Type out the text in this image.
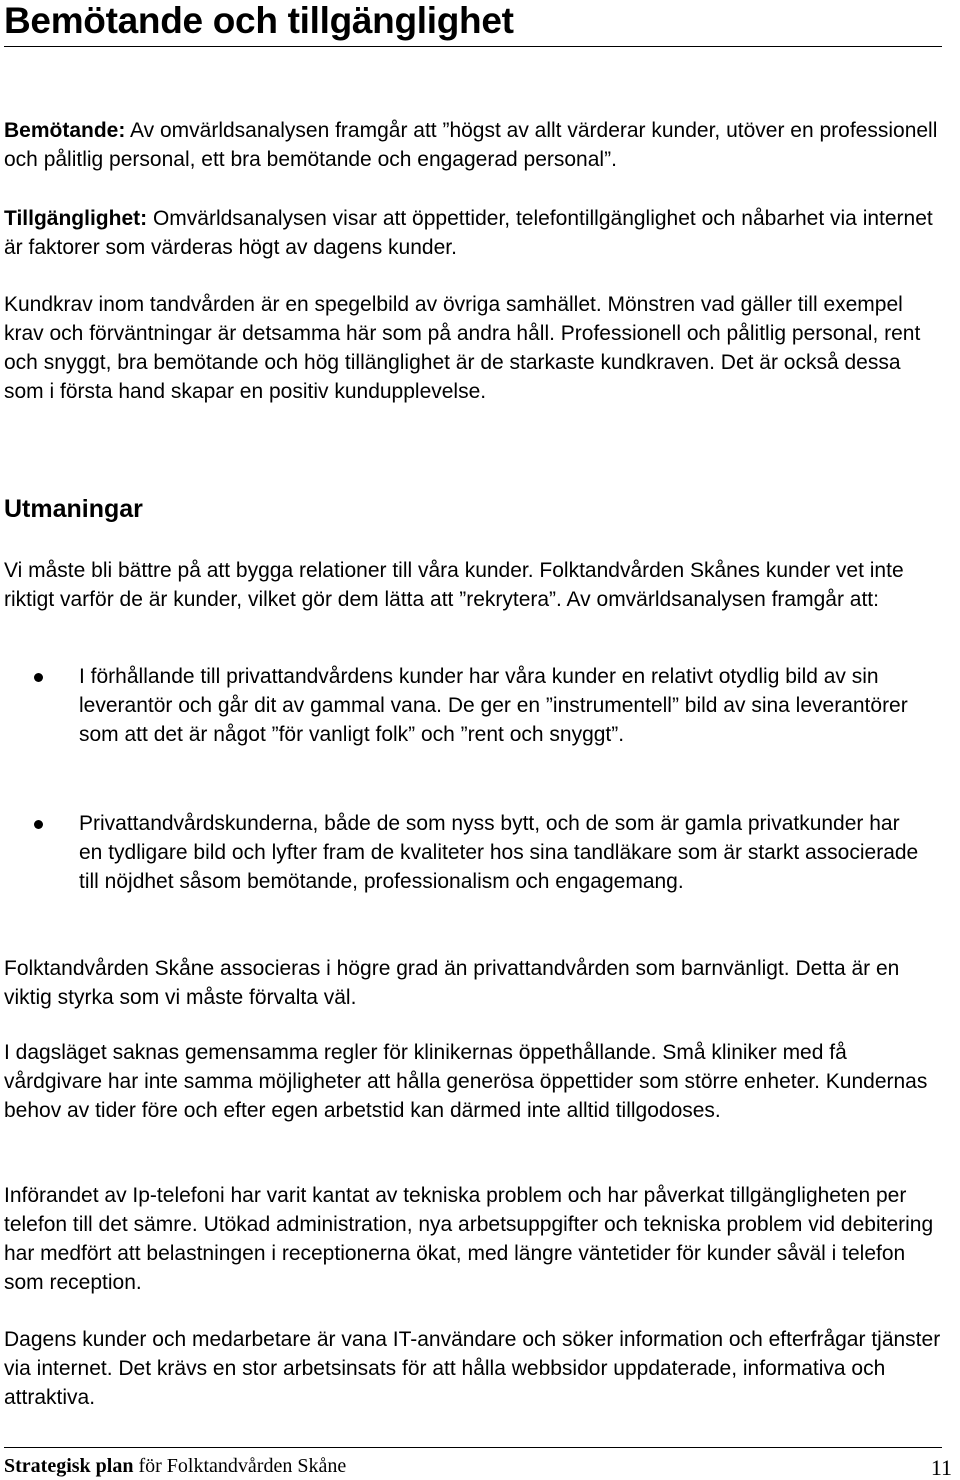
Bemötande och tillgänglighet

Bemötande: Av omvärldsanalysen framgår att ”högst av allt värderar kunder, utöver en professionell och pålitlig personal, ett bra bemötande och engagerad personal”.

Tillgänglighet: Omvärldsanalysen visar att öppettider, telefontillgänglighet och nåbarhet via internet är faktorer som värderas högt av dagens kunder.

Kundkrav inom tandvården är en spegelbild av övriga samhället. Mönstren vad gäller till exempel krav och förväntningar är detsamma här som på andra håll. Professionell och pålitlig personal, rent och snyggt, bra bemötande och hög tillänglighet är de starkaste kundkraven. Det är också dessa som i första hand skapar en positiv kundupplevelse.

Utmaningar

Vi måste bli bättre på att bygga relationer till våra kunder. Folktandvården Skånes kunder vet inte riktigt varför de är kunder, vilket gör dem lätta att ”rekrytera”. Av omvärldsanalysen framgår att:

I förhållande till privattandvårdens kunder har våra kunder en relativt otydlig bild av sin leverantör och går dit av gammal vana. De ger en ”instrumentell” bild av sina leverantörer som att det är något ”för vanligt folk” och ”rent och snyggt”.

Privattandvårdskunderna, både de som nyss bytt, och de som är gamla privatkunder har en tydligare bild och lyfter fram de kvaliteter hos sina tandläkare som är starkt associerade till nöjdhet såsom bemötande, professionalism och engagemang.

Folktandvården Skåne associeras i högre grad än privattandvården som barnvänligt. Detta är en viktig styrka som vi måste förvalta väl.

I dagsläget saknas gemensamma regler för klinikernas öppethållande. Små kliniker med få vårdgivare har inte samma möjligheter att hålla generösa öppettider som större enheter. Kundernas behov av tider före och efter egen arbetstid kan därmed inte alltid tillgodoses.

Införandet av Ip-telefoni har varit kantat av tekniska problem och har påverkat tillgängligheten per telefon till det sämre. Utökad administration, nya arbetsuppgifter och tekniska problem vid debitering har medfört att belastningen i receptionerna ökat, med längre väntetider för kunder såväl i telefon som reception.

Dagens kunder och medarbetare är vana IT-användare och söker information och efterfrågar tjänster via internet. Det krävs en stor arbetsinsats för att hålla webbsidor uppdaterade, informativa och attraktiva.

Strategisk plan för Folktandvården Skåne	11
